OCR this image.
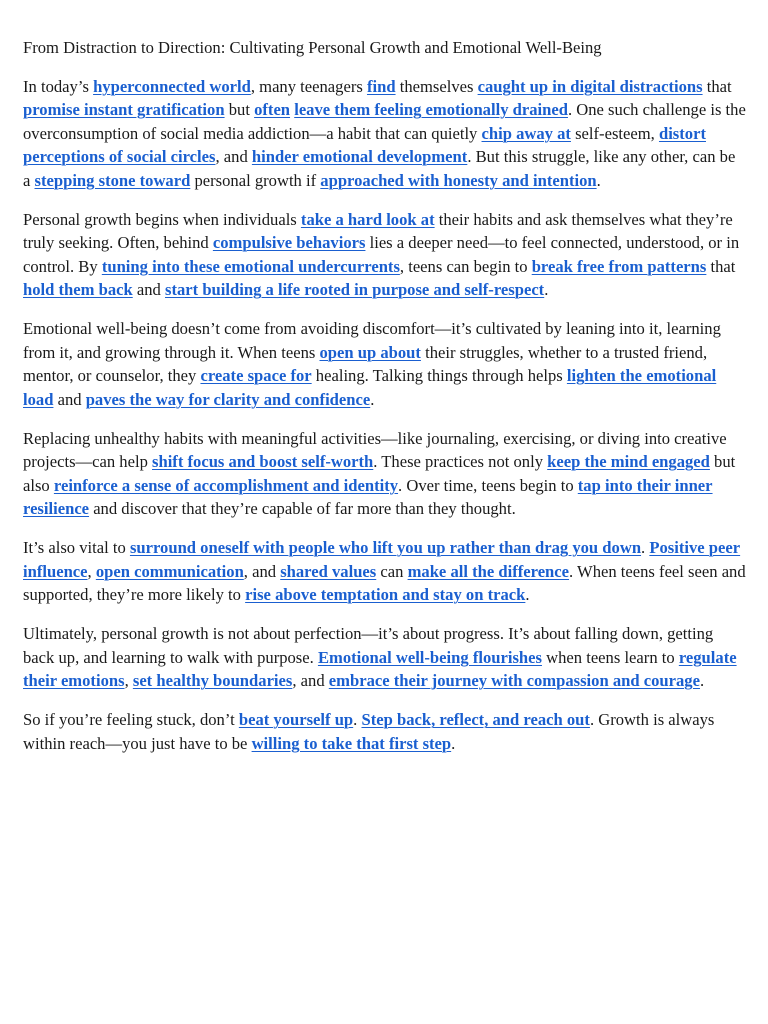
From Distraction to Direction: Cultivating Personal Growth and Emotional Well-Being

In today’s hyperconnected world, many teenagers find themselves caught up in digital distractions that promise instant gratification but often leave them feeling emotionally drained. One such challenge is the overconsumption of social media addiction—a habit that can quietly chip away at self-esteem, distort perceptions of social circles, and hinder emotional development. But this struggle, like any other, can be a stepping stone toward personal growth if approached with honesty and intention.

Personal growth begins when individuals take a hard look at their habits and ask themselves what they’re truly seeking. Often, behind compulsive behaviors lies a deeper need—to feel connected, understood, or in control. By tuning into these emotional undercurrents, teens can begin to break free from patterns that hold them back and start building a life rooted in purpose and self-respect.

Emotional well-being doesn’t come from avoiding discomfort—it’s cultivated by leaning into it, learning from it, and growing through it. When teens open up about their struggles, whether to a trusted friend, mentor, or counselor, they create space for healing. Talking things through helps lighten the emotional load and paves the way for clarity and confidence.

Replacing unhealthy habits with meaningful activities—like journaling, exercising, or diving into creative projects—can help shift focus and boost self-worth. These practices not only keep the mind engaged but also reinforce a sense of accomplishment and identity. Over time, teens begin to tap into their inner resilience and discover that they’re capable of far more than they thought.

It’s also vital to surround oneself with people who lift you up rather than drag you down. Positive peer influence, open communication, and shared values can make all the difference. When teens feel seen and supported, they’re more likely to rise above temptation and stay on track.

Ultimately, personal growth is not about perfection—it’s about progress. It’s about falling down, getting back up, and learning to walk with purpose. Emotional well-being flourishes when teens learn to regulate their emotions, set healthy boundaries, and embrace their journey with compassion and courage.

So if you’re feeling stuck, don’t beat yourself up. Step back, reflect, and reach out. Growth is always within reach—you just have to be willing to take that first step.
